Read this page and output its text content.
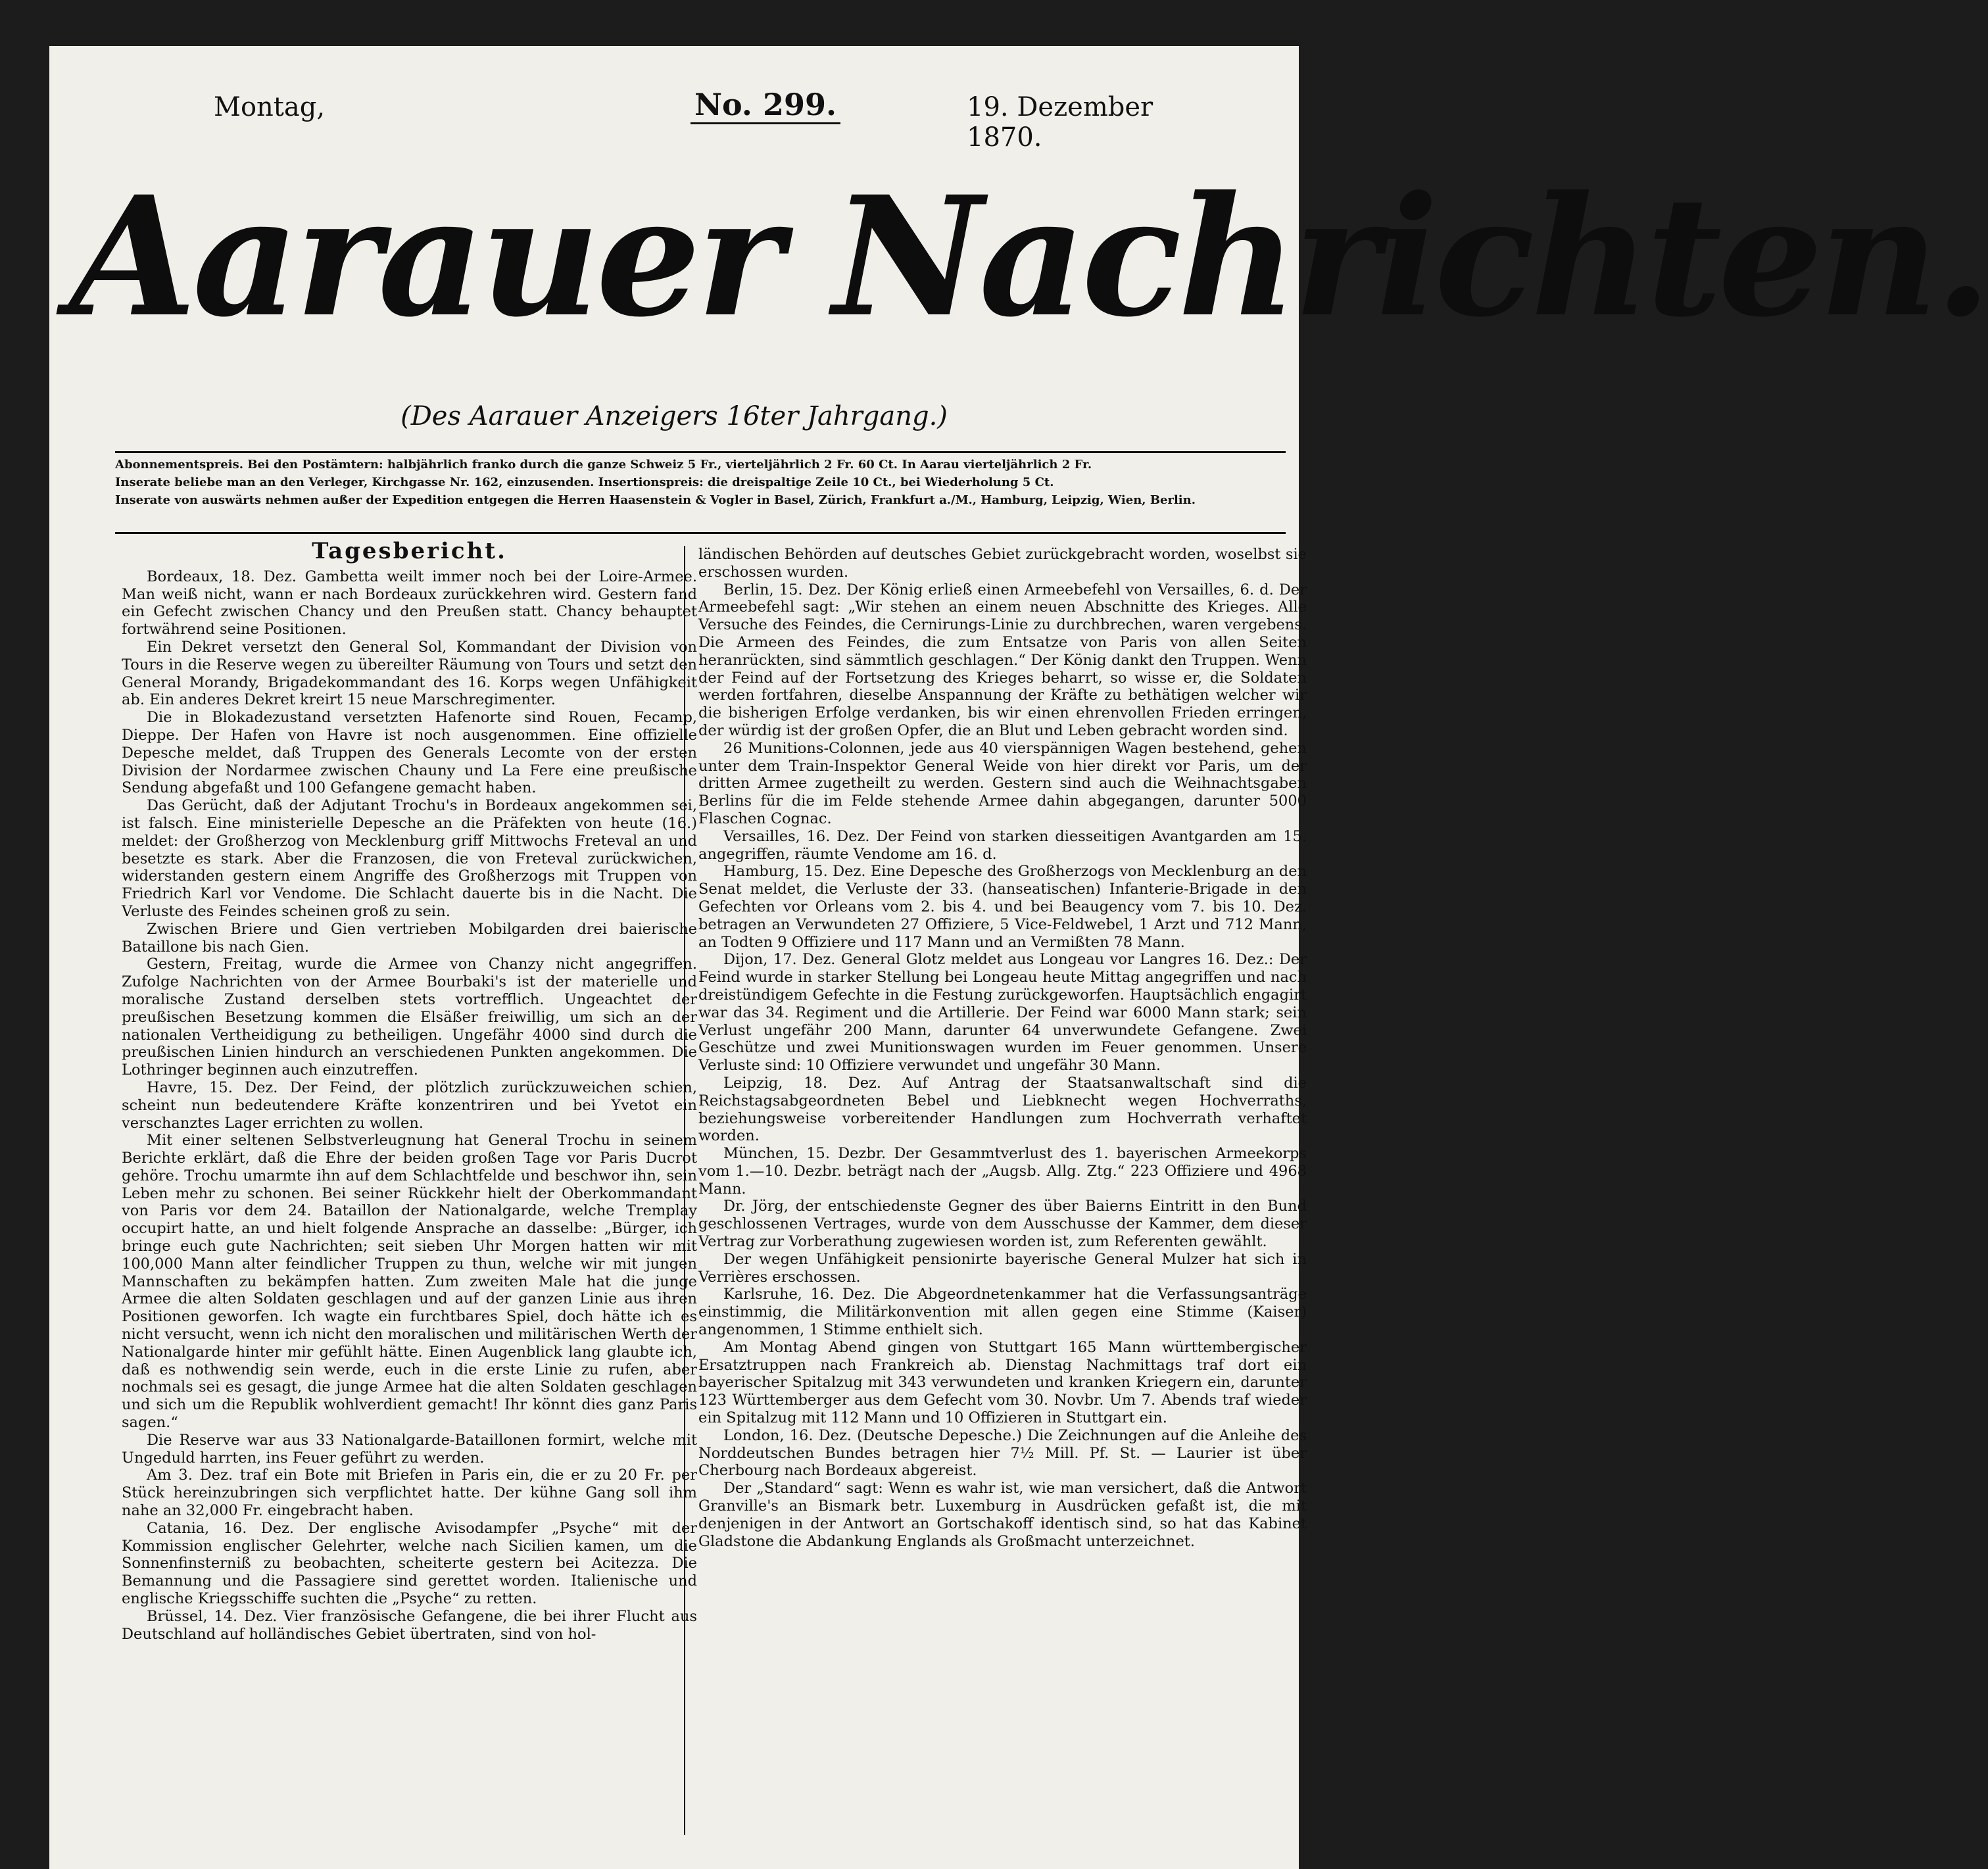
Montag,	No. 299.	19. Dezember 1870.
Aarauer Nachrichten.
(Des Aarauer Anzeigers 16ter Jahrgang.)
Abonnementspreis. Bei den Postämtern: halbjährlich franko durch die ganze Schweiz 5 Fr., vierteljährlich 2 Fr. 60 Ct. In Aarau vierteljährlich 2 Fr.
Inserate beliebe man an den Verleger, Kirchgasse Nr. 162, einzusenden. Insertionspreis: die dreispaltige Zeile 10 Ct., bei Wiederholung 5 Ct.
Inserate von auswärts nehmen außer der Expedition entgegen die Herren Haasenstein & Vogler in Basel, Zürich, Frankfurt a./M., Hamburg, Leipzig, Wien, Berlin.
Tagesbericht.

Bordeaux, 18. Dez. Gambetta weilt immer noch bei der Loire-Armee. Man weiß nicht, wann er nach Bordeaux zurückkehren wird. Gestern fand ein Gefecht zwischen Chancy und den Preußen statt. Chancy behauptet fortwährend seine Positionen.

Ein Dekret versetzt den General Sol, Kommandant der Division von Tours in die Reserve wegen zu übereilter Räumung von Tours und setzt den General Morandy, Brigadekommandant des 16. Korps wegen Unfähigkeit ab. Ein anderes Dekret kreirt 15 neue Marschregimenter.

Die in Blokadezustand versetzten Hafenorte sind Rouen, Fecamp, Dieppe. Der Hafen von Havre ist noch ausgenommen. Eine offizielle Depesche meldet, daß Truppen des Generals Lecomte von der ersten Division der Nordarmee zwischen Chauny und La Fere eine preußische Sendung abgefaßt und 100 Gefangene gemacht haben.

Das Gerücht, daß der Adjutant Trochu's in Bordeaux angekommen sei, ist falsch. Eine ministerielle Depesche an die Präfekten von heute (16.) meldet: der Großherzog von Mecklenburg griff Mittwochs Freteval an und besetzte es stark. Aber die Franzosen, die von Freteval zurückwichen, widerstanden gestern einem Angriffe des Großherzogs mit Truppen von Friedrich Karl vor Vendome. Die Schlacht dauerte bis in die Nacht. Die Verluste des Feindes scheinen groß zu sein.

Zwischen Briere und Gien vertrieben Mobilgarden drei baierische Bataillone bis nach Gien.

Gestern, Freitag, wurde die Armee von Chanzy nicht angegriffen. Zufolge Nachrichten von der Armee Bourbaki's ist der materielle und moralische Zustand derselben stets vortrefflich. Ungeachtet der preußischen Besetzung kommen die Elsäßer freiwillig, um sich an der nationalen Vertheidigung zu betheiligen. Ungefähr 4000 sind durch die preußischen Linien hindurch an verschiedenen Punkten angekommen. Die Lothringer beginnen auch einzutreffen.

Havre, 15. Dez. Der Feind, der plötzlich zurückzuweichen schien, scheint nun bedeutendere Kräfte konzentriren und bei Yvetot ein verschanztes Lager errichten zu wollen.

Mit einer seltenen Selbstverleugnung hat General Trochu in seinem Berichte erklärt, daß die Ehre der beiden großen Tage vor Paris Ducrot gehöre. Trochu umarmte ihn auf dem Schlachtfelde und beschwor ihn, sein Leben mehr zu schonen. Bei seiner Rückkehr hielt der Oberkommandant von Paris vor dem 24. Bataillon der Nationalgarde, welche Tremplay occupirt hatte, an und hielt folgende Ansprache an dasselbe: „Bürger, ich bringe euch gute Nachrichten; seit sieben Uhr Morgen hatten wir mit 100,000 Mann alter feindlicher Truppen zu thun, welche wir mit jungen Mannschaften zu bekämpfen hatten. Zum zweiten Male hat die junge Armee die alten Soldaten geschlagen und auf der ganzen Linie aus ihren Positionen geworfen. Ich wagte ein furchtbares Spiel, doch hätte ich es nicht versucht, wenn ich nicht den moralischen und militärischen Werth der Nationalgarde hinter mir gefühlt hätte. Einen Augenblick lang glaubte ich, daß es nothwendig sein werde, euch in die erste Linie zu rufen, aber nochmals sei es gesagt, die junge Armee hat die alten Soldaten geschlagen und sich um die Republik wohlverdient gemacht! Ihr könnt dies ganz Paris sagen.“

Die Reserve war aus 33 Nationalgarde-Bataillonen formirt, welche mit Ungeduld harrten, ins Feuer geführt zu werden.

Am 3. Dez. traf ein Bote mit Briefen in Paris ein, die er zu 20 Fr. per Stück hereinzubringen sich verpflichtet hatte. Der kühne Gang soll ihm nahe an 32,000 Fr. eingebracht haben.

Catania, 16. Dez. Der englische Avisodampfer „Psyche“ mit der Kommission englischer Gelehrter, welche nach Sicilien kamen, um die Sonnenfinsterniß zu beobachten, scheiterte gestern bei Acitezza. Die Bemannung und die Passagiere sind gerettet worden. Italienische und englische Kriegsschiffe suchten die „Psyche“ zu retten.

Brüssel, 14. Dez. Vier französische Gefangene, die bei ihrer Flucht aus Deutschland auf holländisches Gebiet übertraten, sind von hol-

ländischen Behörden auf deutsches Gebiet zurückgebracht worden, woselbst sie erschossen wurden.

Berlin, 15. Dez. Der König erließ einen Armeebefehl von Versailles, 6. d. Der Armeebefehl sagt: „Wir stehen an einem neuen Abschnitte des Krieges. Alle Versuche des Feindes, die Cernirungs-Linie zu durchbrechen, waren vergebens. Die Armeen des Feindes, die zum Entsatze von Paris von allen Seiten heranrückten, sind sämmtlich geschlagen.“ Der König dankt den Truppen. Wenn der Feind auf der Fortsetzung des Krieges beharrt, so wisse er, die Soldaten werden fortfahren, dieselbe Anspannung der Kräfte zu bethätigen welcher wir die bisherigen Erfolge verdanken, bis wir einen ehrenvollen Frieden erringen, der würdig ist der großen Opfer, die an Blut und Leben gebracht worden sind.

26 Munitions-Colonnen, jede aus 40 vierspännigen Wagen bestehend, gehen unter dem Train-Inspektor General Weide von hier direkt vor Paris, um der dritten Armee zugetheilt zu werden. Gestern sind auch die Weihnachtsgaben Berlins für die im Felde stehende Armee dahin abgegangen, darunter 5000 Flaschen Cognac.

Versailles, 16. Dez. Der Feind von starken diesseitigen Avantgarden am 15. angegriffen, räumte Vendome am 16. d.

Hamburg, 15. Dez. Eine Depesche des Großherzogs von Mecklenburg an den Senat meldet, die Verluste der 33. (hanseatischen) Infanterie-Brigade in den Gefechten vor Orleans vom 2. bis 4. und bei Beaugency vom 7. bis 10. Dez. betragen an Verwundeten 27 Offiziere, 5 Vice-Feldwebel, 1 Arzt und 712 Mann, an Todten 9 Offiziere und 117 Mann und an Vermißten 78 Mann.

Dijon, 17. Dez. General Glotz meldet aus Longeau vor Langres 16. Dez.: Der Feind wurde in starker Stellung bei Longeau heute Mittag angegriffen und nach dreistündigem Gefechte in die Festung zurückgeworfen. Hauptsächlich engagirt war das 34. Regiment und die Artillerie. Der Feind war 6000 Mann stark; sein Verlust ungefähr 200 Mann, darunter 64 unverwundete Gefangene. Zwei Geschütze und zwei Munitionswagen wurden im Feuer genommen. Unsere Verluste sind: 10 Offiziere verwundet und ungefähr 30 Mann.

Leipzig, 18. Dez. Auf Antrag der Staatsanwaltschaft sind die Reichstagsabgeordneten Bebel und Liebknecht wegen Hochverraths, beziehungsweise vorbereitender Handlungen zum Hochverrath verhaftet worden.

München, 15. Dezbr. Der Gesammtverlust des 1. bayerischen Armeekorps vom 1.—10. Dezbr. beträgt nach der „Augsb. Allg. Ztg.“ 223 Offiziere und 4968 Mann.

Dr. Jörg, der entschiedenste Gegner des über Baierns Eintritt in den Bund geschlossenen Vertrages, wurde von dem Ausschusse der Kammer, dem dieser Vertrag zur Vorberathung zugewiesen worden ist, zum Referenten gewählt.

Der wegen Unfähigkeit pensionirte bayerische General Mulzer hat sich in Verrières erschossen.

Karlsruhe, 16. Dez. Die Abgeordnetenkammer hat die Verfassungsanträge einstimmig, die Militärkonvention mit allen gegen eine Stimme (Kaiser) angenommen, 1 Stimme enthielt sich.

Am Montag Abend gingen von Stuttgart 165 Mann württembergischer Ersatztruppen nach Frankreich ab. Dienstag Nachmittags traf dort ein bayerischer Spitalzug mit 343 verwundeten und kranken Kriegern ein, darunter 123 Württemberger aus dem Gefecht vom 30. Novbr. Um 7. Abends traf wieder ein Spitalzug mit 112 Mann und 10 Offizieren in Stuttgart ein.

London, 16. Dez. (Deutsche Depesche.) Die Zeichnungen auf die Anleihe des Norddeutschen Bundes betragen hier 7½ Mill. Pf. St. — Laurier ist über Cherbourg nach Bordeaux abgereist.

Der „Standard“ sagt: Wenn es wahr ist, wie man versichert, daß die Antwort Granville's an Bismark betr. Luxemburg in Ausdrücken gefaßt ist, die mit denjenigen in der Antwort an Gortschakoff identisch sind, so hat das Kabinet Gladstone die Abdankung Englands als Großmacht unterzeichnet.
